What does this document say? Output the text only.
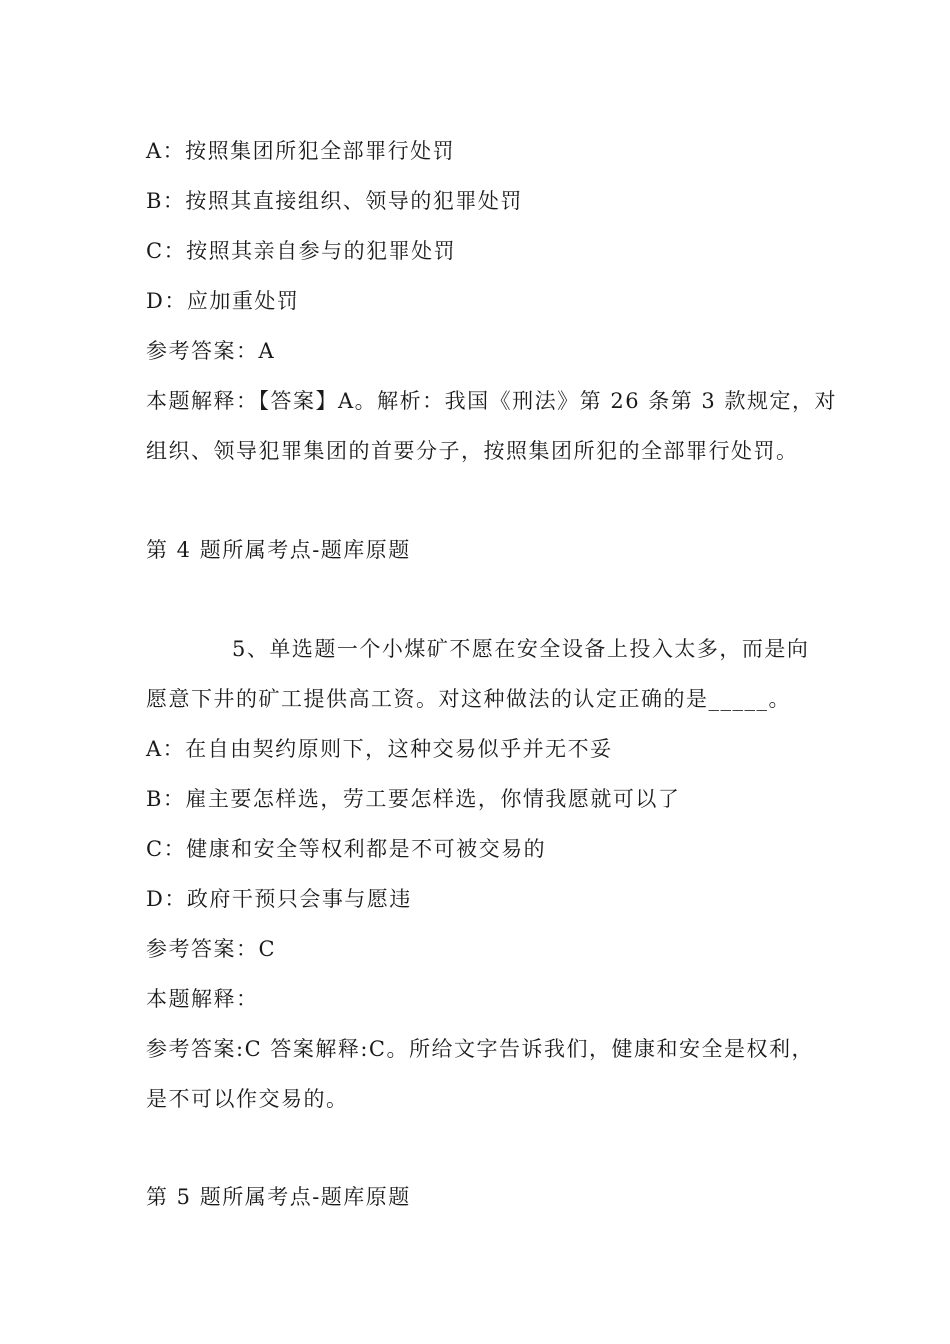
A：按照集团所犯全部罪行处罚
B：按照其直接组织、领导的犯罪处罚
C：按照其亲自参与的犯罪处罚
D：应加重处罚
参考答案：A
本题解释：【答案】A。解析：我国《刑法》第 26 条第 3 款规定，对
组织、领导犯罪集团的首要分子，按照集团所犯的全部罪行处罚。
第 4 题所属考点-题库原题
5、单选题一个小煤矿不愿在安全设备上投入太多，而是向
愿意下井的矿工提供高工资。对这种做法的认定正确的是_____。
A：在自由契约原则下，这种交易似乎并无不妥
B：雇主要怎样选，劳工要怎样选，你情我愿就可以了
C：健康和安全等权利都是不可被交易的
D：政府干预只会事与愿违
参考答案：C
本题解释：
参考答案:C 答案解释:C。所给文字告诉我们，健康和安全是权利，
是不可以作交易的。
第 5 题所属考点-题库原题
